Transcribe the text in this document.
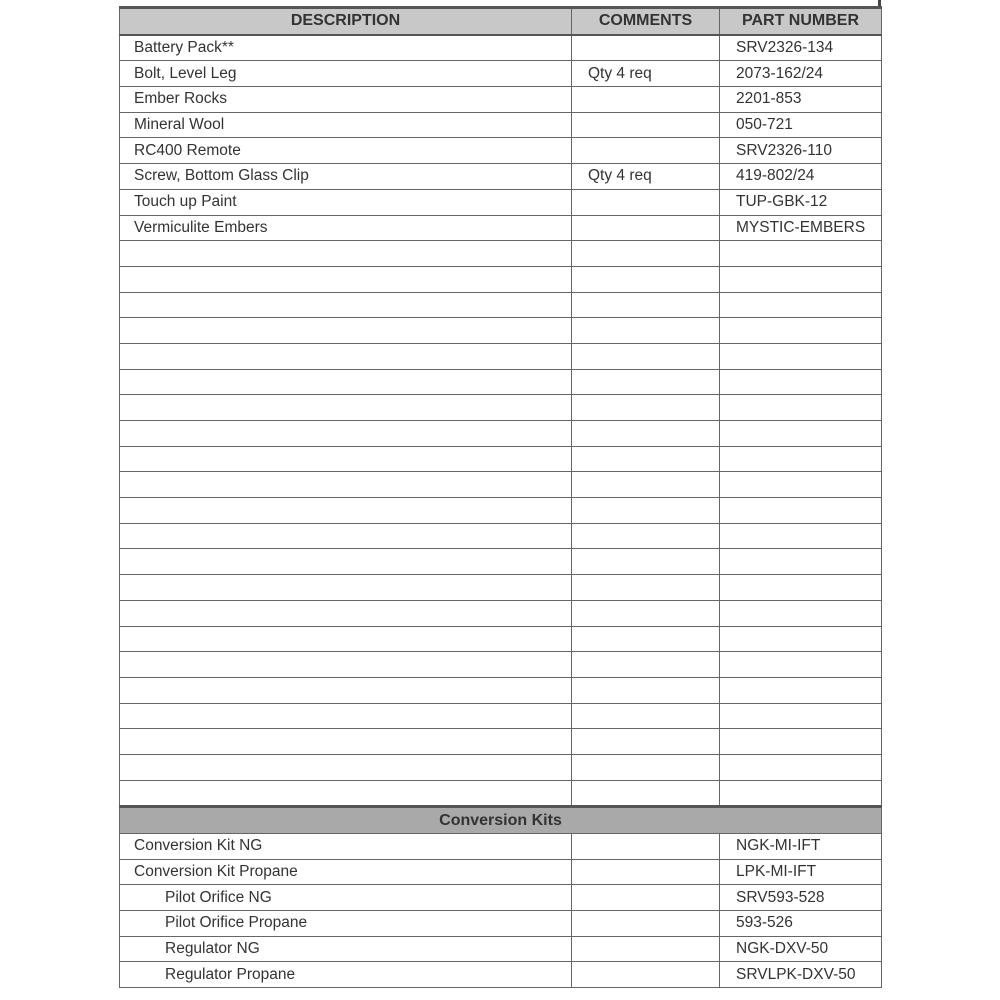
DESCRIPTION	COMMENTS	PART NUMBER
Battery Pack**		SRV2326-134
Bolt, Level Leg	Qty 4 req	2073-162/24
Ember Rocks		2201-853
Mineral Wool		050-721
RC400 Remote		SRV2326-110
Screw, Bottom Glass Clip	Qty 4 req	419-802/24
Touch up Paint		TUP-GBK-12
Vermiculite Embers		MYSTIC-EMBERS

Conversion Kits		
Conversion Kit NG		NGK-MI-IFT
Conversion Kit Propane		LPK-MI-IFT
Pilot Orifice NG		SRV593-528
Pilot Orifice Propane		593-526
Regulator NG		NGK-DXV-50
Regulator Propane		SRVLPK-DXV-50
